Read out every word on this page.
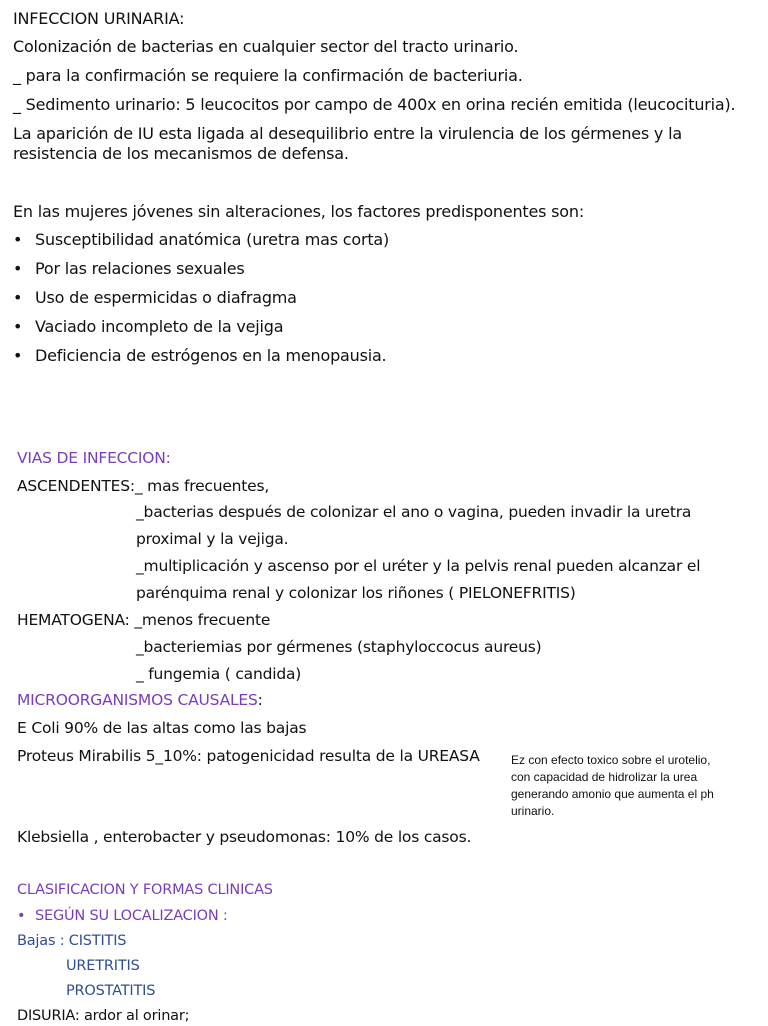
INFECCION URINARIA:
Colonización de bacterias en cualquier sector del tracto urinario.
_ para la confirmación se requiere la confirmación de bacteriuria.
_ Sedimento urinario: 5 leucocitos por campo de 400x en orina recién emitida (leucocituria).
La aparición de IU esta ligada al desequilibrio entre la virulencia de los gérmenes y la
resistencia de los mecanismos de defensa.
En las mujeres jóvenes sin alteraciones, los factores predisponentes son:
• Susceptibilidad anatómica (uretra mas corta)
• Por las relaciones sexuales
• Uso de espermicidas o diafragma
• Vaciado incompleto de la vejiga
• Deficiencia de estrógenos en la menopausia.
VIAS DE INFECCION:
ASCENDENTES:_ mas frecuentes,
_bacterias después de colonizar el ano o vagina, pueden invadir la uretra
proximal y la vejiga.
_multiplicación y ascenso por el uréter y la pelvis renal pueden alcanzar el
parénquima renal y colonizar los riñones ( PIELONEFRITIS)
HEMATOGENA: _menos frecuente
_bacteriemias por gérmenes (staphyloccocus aureus)
_ fungemia ( candida)
MICROORGANISMOS CAUSALES:
E Coli 90% de las altas como las bajas
Proteus Mirabilis 5_10%: patogenicidad resulta de la UREASA
Klebsiella , enterobacter y pseudomonas: 10% de los casos.
Ez con efecto toxico sobre el urotelio,
con capacidad de hidrolizar la urea
generando amonio que aumenta el ph
urinario.
CLASIFICACION Y FORMAS CLINICAS
• SEGÚN SU LOCALIZACION :
Bajas : CISTITIS
URETRITIS
PROSTATITIS
DISURIA: ardor al orinar;
